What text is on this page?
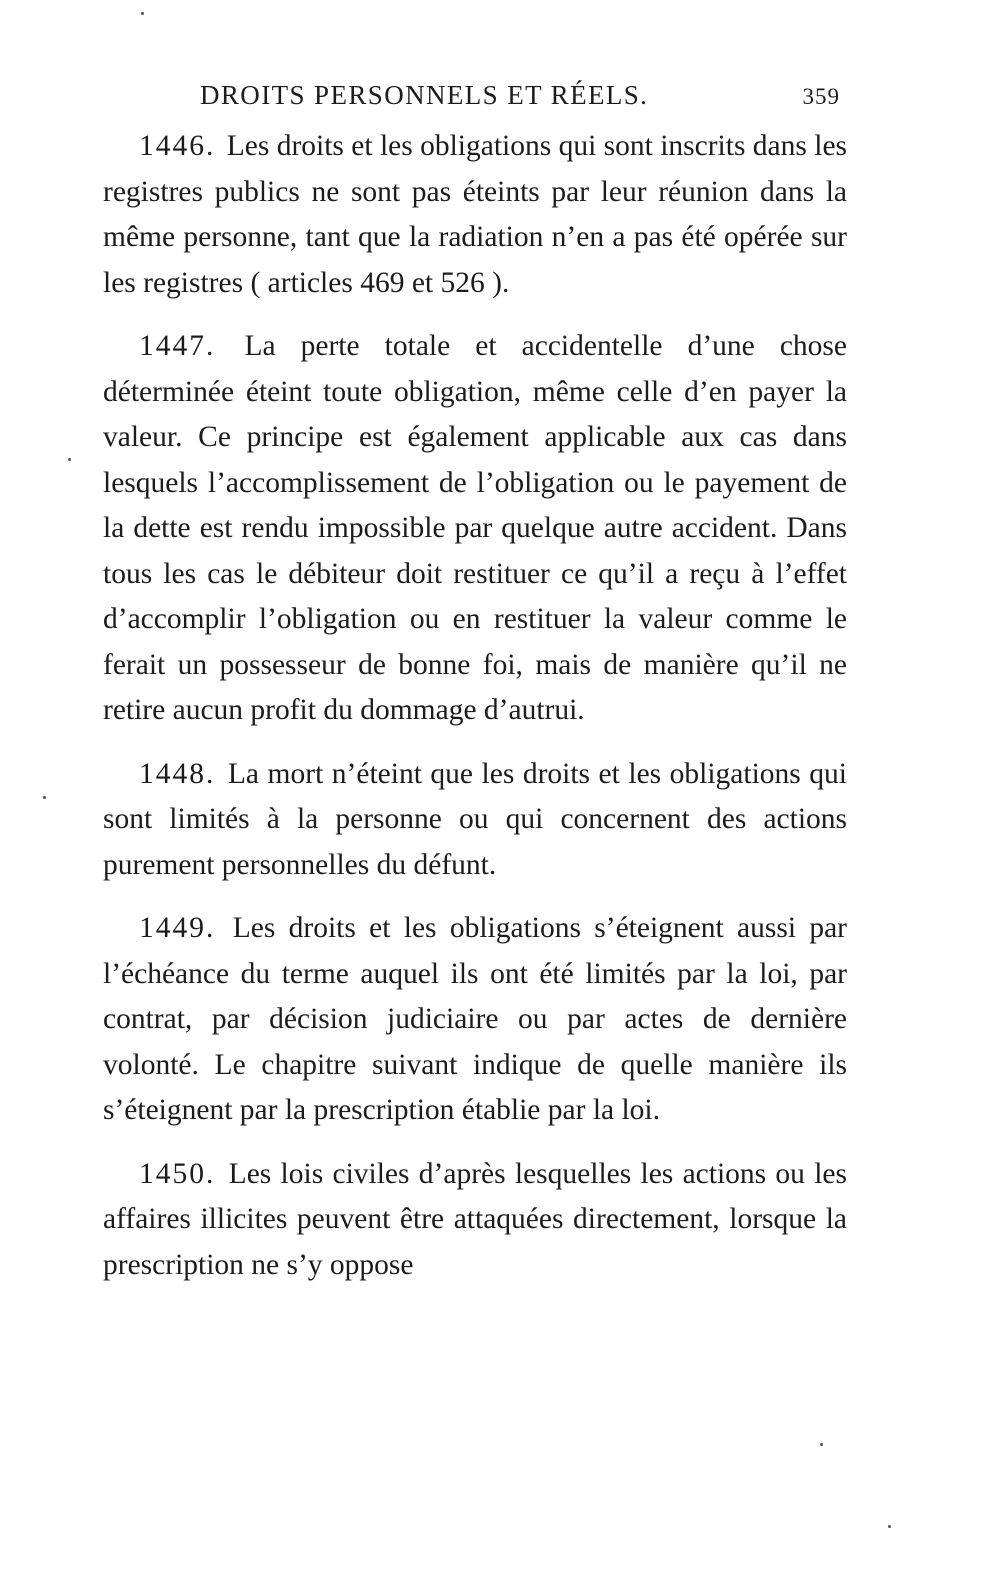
DROITS PERSONNELS ET RÉELS.	359

1446. Les droits et les obligations qui sont inscrits dans les registres publics ne sont pas éteints par leur réunion dans la même personne, tant que la radiation n’en a pas été opérée sur les registres ( articles 469 et 526 ).

1447. La perte totale et accidentelle d’une chose déterminée éteint toute obligation, même celle d’en payer la valeur. Ce principe est également applicable aux cas dans lesquels l’accomplissement de l’obligation ou le payement de la dette est rendu impossible par quelque autre accident. Dans tous les cas le débiteur doit restituer ce qu’il a reçu à l’effet d’accomplir l’obligation ou en restituer la valeur comme le ferait un possesseur de bonne foi, mais de manière qu’il ne retire aucun profit du dommage d’autrui.

1448. La mort n’éteint que les droits et les obligations qui sont limités à la personne ou qui concernent des actions purement personnelles du défunt.

1449. Les droits et les obligations s’éteignent aussi par l’échéance du terme auquel ils ont été limités par la loi, par contrat, par décision judiciaire ou par actes de dernière volonté. Le chapitre suivant indique de quelle manière ils s’éteignent par la prescription établie par la loi.

1450. Les lois civiles d’après lesquelles les actions ou les affaires illicites peuvent être attaquées directement, lorsque la prescription ne s’y oppose
